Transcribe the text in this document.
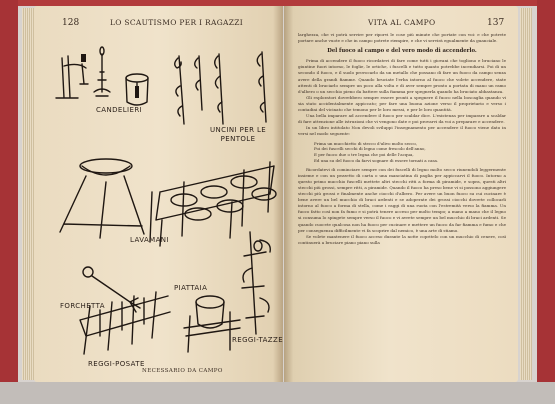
128	LO SCAUTISMO PER I RAGAZZI
CANDELIERI
UNCINI PER LE
PENTOLE
LAVAMANI
FORCHETTA
PIATTAIA
REGGI-POSATE
REGGI-TAZZE
NECESSARIO DA CAMPO
VITA AL CAMPO	137

larghezza, che vi potrà servire per riporvi le cose più minute che portate con voi: e che potrete portare anche vuote e che in campo potrete riempire, e che vi servirà egualmente da guanciale.

Del fuoco al campo e del vero modo di accenderlo.

Prima di accendere il fuoco ricordatevi di fare come tutti i giovani che togliono e bruciano le giuntine fuori intorno, le foglie, le ortiche, i fuscelli e tutto quanto potrebbe incendiarsi. Poi di un secondo il fuoco, e il suolo provocarlo da un metallo che possano di fare un fuoco da campo senza avere della grandi fiamme. Quando bruciate l'erba intorno al fuoco che volete accendere, state attenti di bruciarlo sempre un poco alla volta e di aver sempre pronto a portata di mano un ramo d'albero o un secchio pieno da battere sulla fiamma per spegnerla quando ha bruciato abbastanza.

Gli esploratori dovrebbero sempre essere pronti a spegnere il fuoco nella boscaglia quando vi sia stato accidentalmente appiccato; per fare una buona azione verso il proprietario e verso i contadini del vicinato che temono per le loro messi, e per le loro quantità.

Una bella imparare ad accendere il fuoco per scaldar dice. L'esistenza per imparare a scaldar di fare attenzione alle istruzioni che vi vengono date e poi provarvi da voi a preparare e accendere.

In un libro intitolato Non devoli sviluppi l'insegnamento per accendere il fuoco viene dato in versi nel modo seguente:

Prima un mucchietto di stecco d'ulivo molto secco,
Poi dei fuscelli secchi di legno come frescolo dell'anno,
E per fuoco due o tre legna che poi delle l'acqua,
Ed una su del fuoco da farvi sognare di essere tornati a casa.

Ricordatevi di cominciare sempre con dei fuscelli di legno molto secco riunendoli leggermente insieme e con un pezzetto di carta o una manciatina di paglia per appiccarvi il fuoco. Intorno a questo primo mucchio fuscelli mettete altri stecchi ritti a forma di piramide, e sopra, questi altri stecchi più grossi, sempre ritti, a piramide. Quando il fuoco ha preso bene vi si possono aggiungere stecchi più grossi e finalmente anche ciocchi d'albero. Per avere un buon fuoco su cui cucinare è bene avere un bel mucchio di braci ardenti e se adoperate dei grossi ciocchi dovrete collocarli intorno al fuoco a forma di stella, come i raggi di una ruota con l'estremità verso la fiamma. Un fuoco fatto così non fa fumo e si potrà tenere acceso per molto tempo; a mano a mano che il legno si consuma lo spingete sempre verso il fuoco e vi avrete sempre un bel mucchio di braci ardenti. Se quando cuocete qualcosa non ha fuoco per cucinare e mettere un fuoco da far fiamma e fumo e che per conseguenza difficilmente vi fa scoprire dal nemico, è una arte di stiamo.

Se volete mantenere il fuoco acceso durante la notte copritelo con un mucchio di cenere, così continuerà a bruciare piano piano sulla
